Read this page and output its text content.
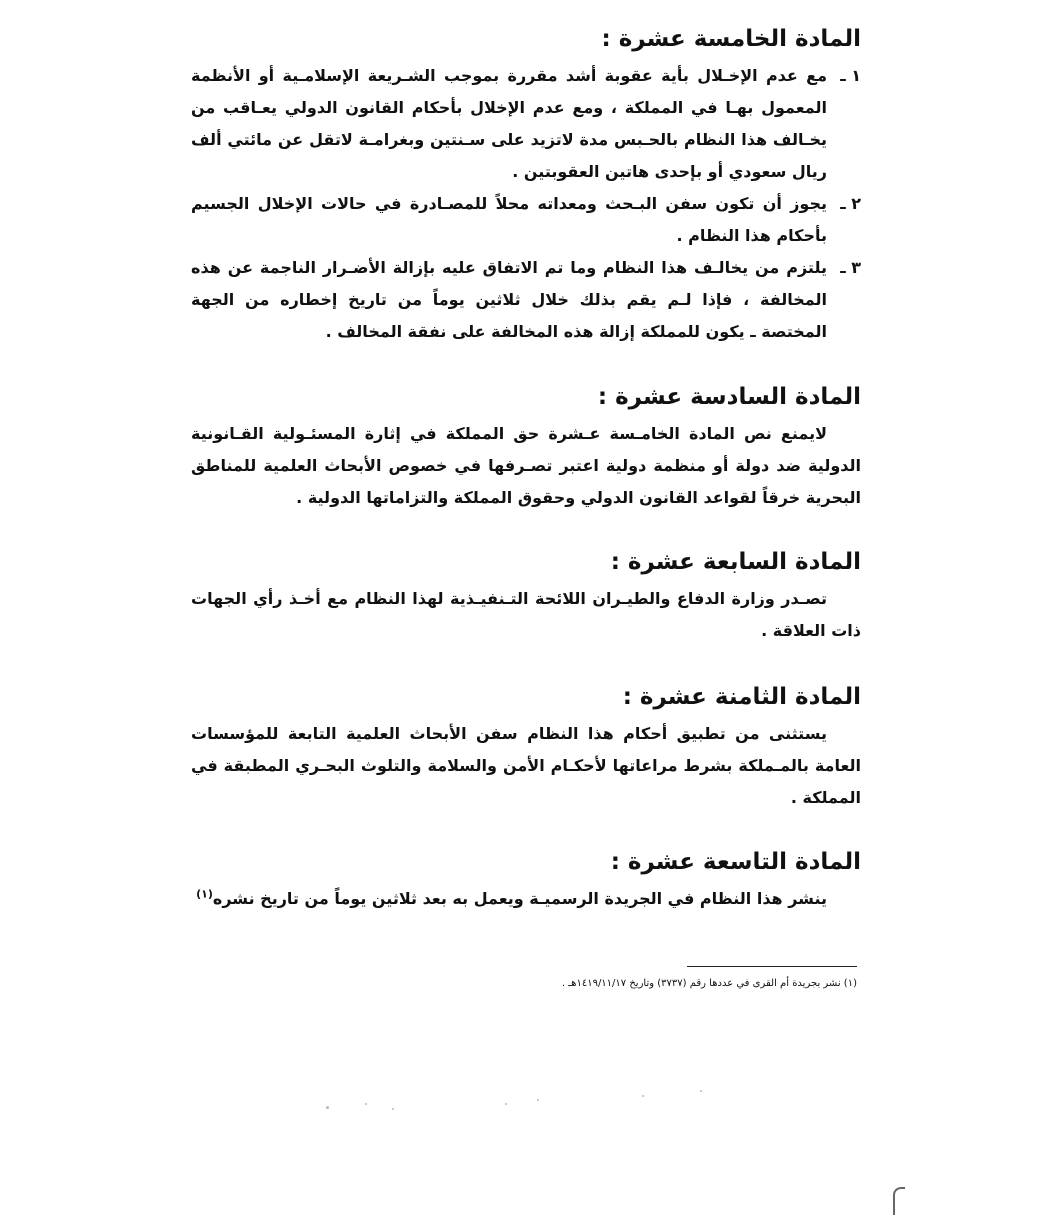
المادة الخامسة عشرة :
١ ـ

مع عدم الإخـلال بأية عقوبة أشد مقررة بموجب الشـريعة الإسلامـية أو الأنظمة المعمول بهـا في المملكة ، ومع عدم الإخلال بأحكام القانون الدولي يعـاقب من يخـالف هذا النظام بالحـبس مدة لاتزيد على سـنتين وبغرامـة لاتقل عن مائتي ألف ريال سعودي أو بإحدى هاتين العقوبتين .

٢ ـ

يجوز أن تكون سفن البـحث ومعداته محلاً للمصـادرة في حالات الإخلال الجسيم بأحكام هذا النظام .

٣ ـ

يلتزم من يخالـف هذا النظام وما تم الاتفاق عليه بإزالة الأضـرار الناجمة عن هذه المخالفة ، فإذا لـم يقم بذلك خلال ثلاثين يوماً من تاريخ إخطاره من الجهة المختصة ـ يكون للمملكة إزالة هذه المخالفة على نفقة المخالف .

المادة السادسة عشرة :

لايمنع نص المادة الخامـسة عـشرة حق المملكة في إثارة المسئـولية القـانونية الدولية ضد دولة أو منظمة دولية اعتبر تصـرفها في خصوص الأبحاث العلمية للمناطق البحرية خرقاً لقواعد القانون الدولي وحقوق المملكة والتزاماتها الدولية .

المادة السابعة عشرة :

تصـدر وزارة الدفاع والطيـران اللائحة التـنفيـذية لهذا النظام مع أخـذ رأي الجهات ذات العلاقة .

المادة الثامنة عشرة :

يستثنى من تطبيق أحكام هذا النظام سفن الأبحاث العلمية التابعة للمؤسسات العامة بالمـملكة بشرط مراعاتها لأحكـام الأمن والسلامة والتلوث البحـري المطبقة في المملكة .

المادة التاسعة عشرة :

ينشر هذا النظام في الجريدة الرسميـة ويعمل به بعد ثلاثين يوماً من تاريخ نشره$^{(١)}$

(١) نشر بجريدة أم القرى في عددها رقم (٣٧٣٧) وتاريخ ١٤١٩/١١/١٧هـ .
